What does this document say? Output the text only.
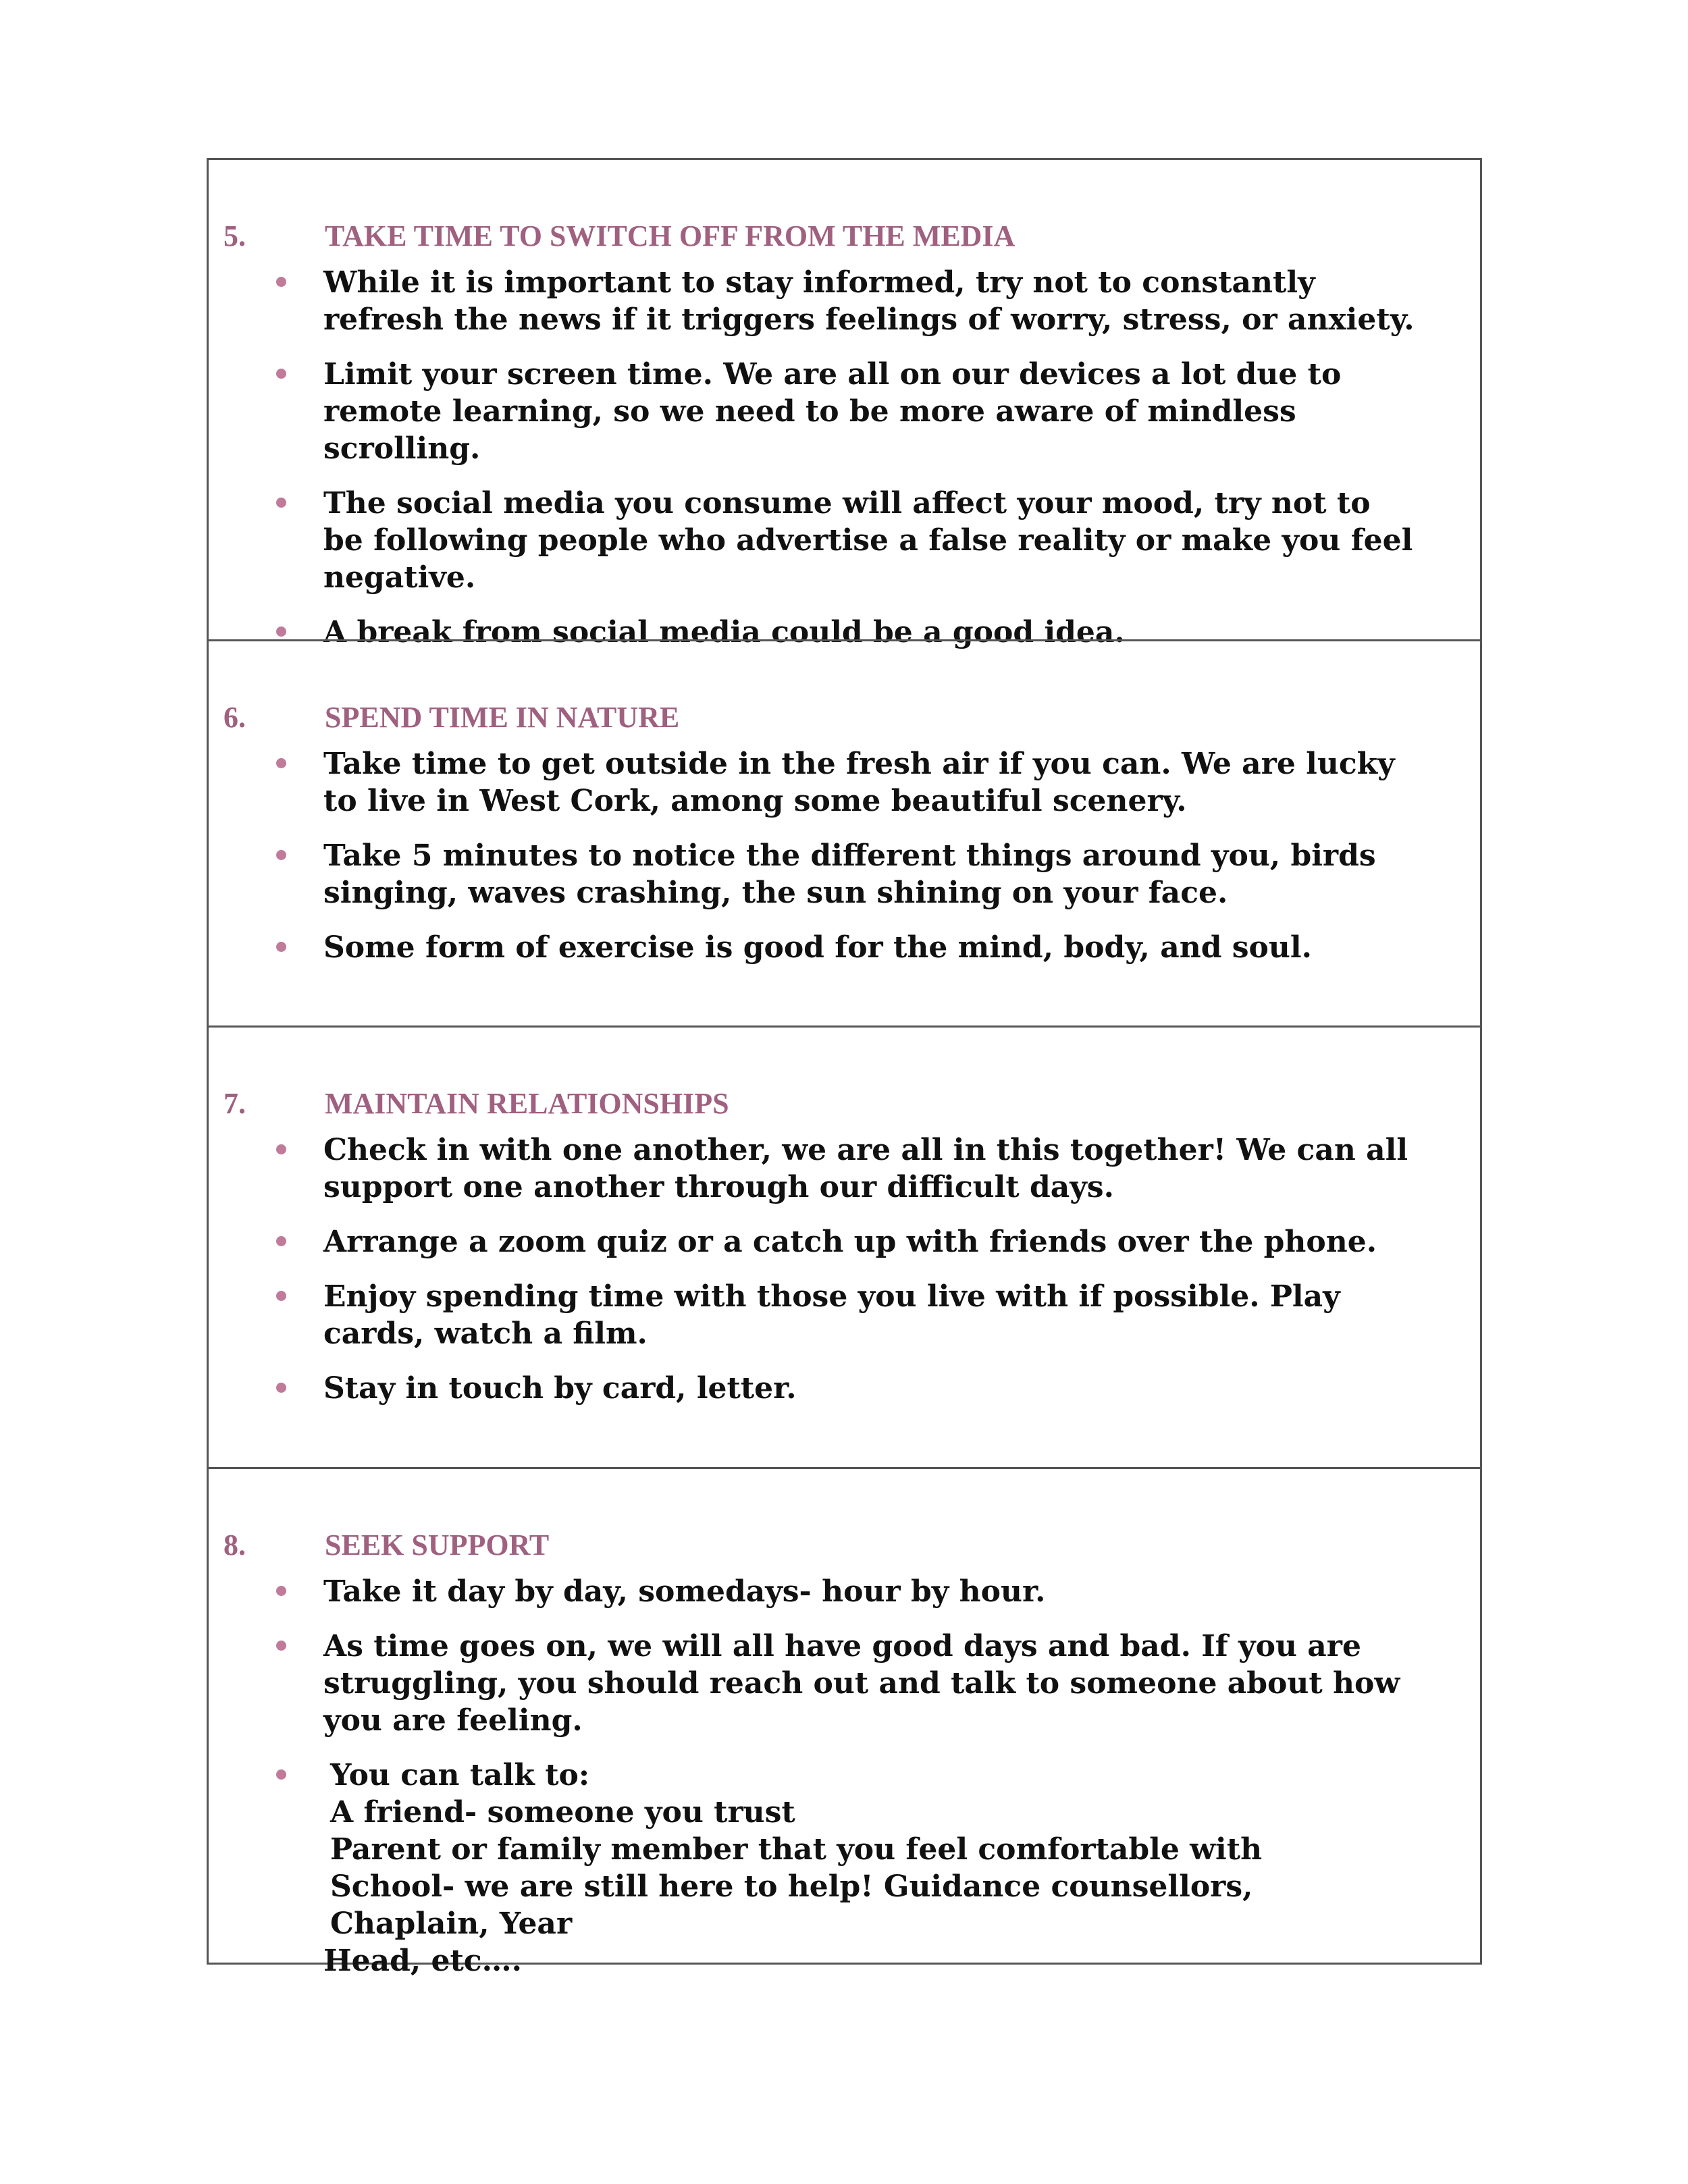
5.	TAKE TIME TO SWITCH OFF FROM THE MEDIA
While it is important to stay informed, try not to constantly refresh the news if it triggers feelings of worry, stress, or anxiety.
Limit your screen time. We are all on our devices a lot due to remote learning, so we need to be more aware of mindless scrolling.
The social media you consume will affect your mood, try not to be following people who advertise a false reality or make you feel negative.
A break from social media could be a good idea.
6.	SPEND TIME IN NATURE
Take time to get outside in the fresh air if you can. We are lucky to live in West Cork, among some beautiful scenery.
Take 5 minutes to notice the different things around you, birds singing, waves crashing, the sun shining on your face.
Some form of exercise is good for the mind, body, and soul.
7.	MAINTAIN RELATIONSHIPS
Check in with one another, we are all in this together! We can all support one another through our difficult days.
Arrange a zoom quiz or a catch up with friends over the phone.
Enjoy spending time with those you live with if possible. Play cards, watch a film.
Stay in touch by card, letter.
8.	SEEK SUPPORT
Take it day by day, somedays- hour by hour.
As time goes on, we will all have good days and bad. If you are struggling, you should reach out and talk to someone about how you are feeling.
You can talk to:
A friend- someone you trust
Parent or family member that you feel comfortable with
School- we are still here to help! Guidance counsellors, Chaplain, Year
Head, etc….
